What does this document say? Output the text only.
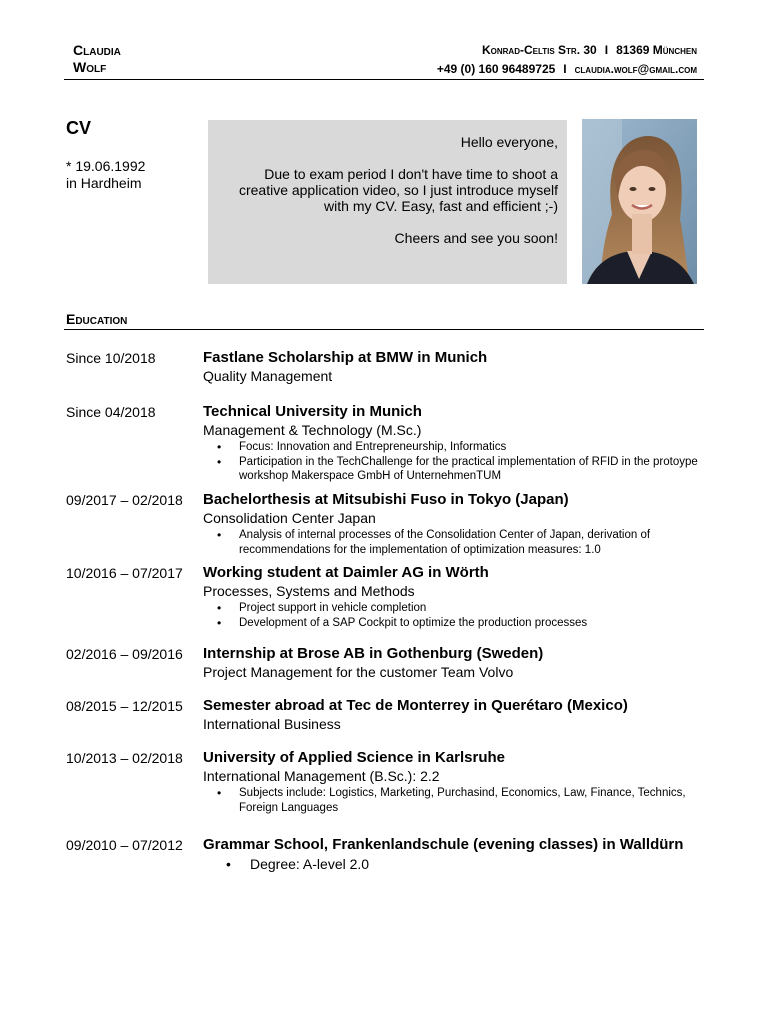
Claudia
Wolf
Konrad-Celtis Str. 30 I 81369 München
+49 (0) 160 96489725 I claudia.wolf@gmail.com
CV
* 19.06.1992
in Hardheim

Hello everyone,

Due to exam period I don't have time to shoot a
creative application video, so I just introduce myself
with my CV. Easy, fast and efficient ;-)

Cheers and see you soon!

Education
Since 10/2018	Fastlane Scholarship at BMW in Munich
Quality Management
Since 04/2018	Technical University in Munich
Management & Technology (M.Sc.)
• Focus: Innovation and Entrepreneurship, Informatics
• Participation in the TechChallenge for the practical implementation of RFID in the protoype workshop Makerspace GmbH of UnternehmenTUM
09/2017 – 02/2018 Bachelorthesis at Mitsubishi Fuso in Tokyo (Japan)
Consolidation Center Japan
• Analysis of internal processes of the Consolidation Center of Japan, derivation of recommendations for the implementation of optimization measures: 1.0
10/2016 – 07/2017 Working student at Daimler AG in Wörth
Processes, Systems and Methods
• Project support in vehicle completion
• Development of a SAP Cockpit to optimize the production processes
02/2016 – 09/2016 Internship at Brose AB in Gothenburg (Sweden)
Project Management for the customer Team Volvo
08/2015 – 12/2015 Semester abroad at Tec de Monterrey in Querétaro (Mexico)
International Business
10/2013 – 02/2018 University of Applied Science in Karlsruhe
International Management (B.Sc.): 2.2
• Subjects include: Logistics, Marketing, Purchasind, Economics, Law, Finance, Technics, Foreign Languages
09/2010 – 07/2012 Grammar School, Frankenlandschule (evening classes) in Walldürn
• Degree: A-level 2.0
